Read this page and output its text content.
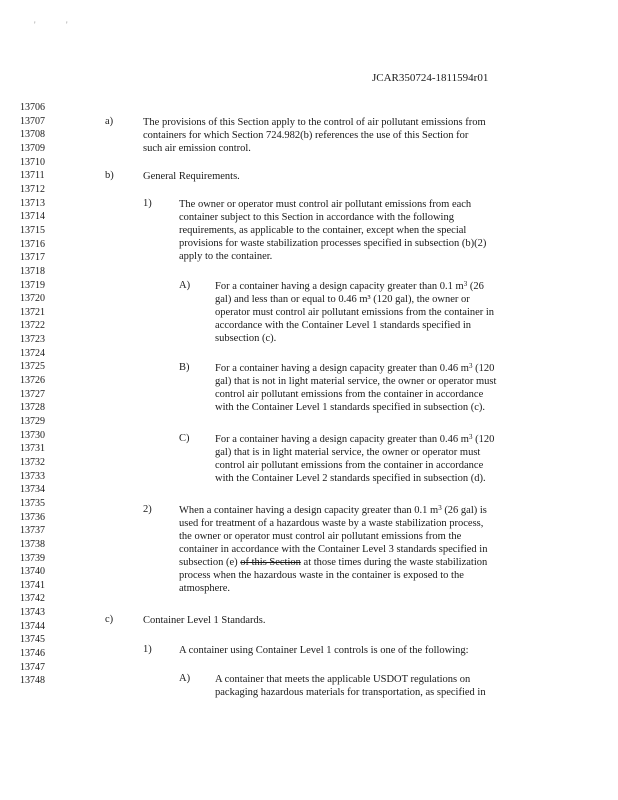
'	'
JCAR350724-1811594r01
13706
13707
13708
13709
13710
13711
13712
13713
13714
13715
13716
13717
13718
13719
13720
13721
13722
13723
13724
13725
13726
13727
13728
13729
13730
13731
13732
13733
13734
13735
13736
13737
13738
13739
13740
13741
13742
13743
13744
13745
13746
13747
13748
a)	The provisions of this Section apply to the control of air pollutant emissions from
containers for which Section 724.982(b) references the use of this Section for
such air emission control.
b)	General Requirements.
1)	The owner or operator must control air pollutant emissions from each
container subject to this Section in accordance with the following
requirements, as applicable to the container, except when the special
provisions for waste stabilization processes specified in subsection (b)(2)
apply to the container.
A) For a container having a design capacity greater than 0.1 $m^3$ (26
gal) and less than or equal to 0.46 m³ (120 gal), the owner or
operator must control air pollutant emissions from the container in
accordance with the Container Level 1 standards specified in
subsection (c).
B) For a container having a design capacity greater than 0.46 $m^3$ (120
gal) that is not in light material service, the owner or operator must
control air pollutant emissions from the container in accordance
with the Container Level 1 standards specified in subsection (c).
C) For a container having a design capacity greater than 0.46 $m^3$ (120
gal) that is in light material service, the owner or operator must
control air pollutant emissions from the container in accordance
with the Container Level 2 standards specified in subsection (d).
2)	When a container having a design capacity greater than 0.1 $m^3$ (26 gal) is
used for treatment of a hazardous waste by a waste stabilization process,
the owner or operator must control air pollutant emissions from the
container in accordance with the Container Level 3 standards specified in
subsection (e) of this Section at those times during the waste stabilization
process when the hazardous waste in the container is exposed to the
atmosphere.
c)	Container Level 1 Standards.
1)	A container using Container Level 1 controls is one of the following:
A) A container that meets the applicable USDOT regulations on
packaging hazardous materials for transportation, as specified in
